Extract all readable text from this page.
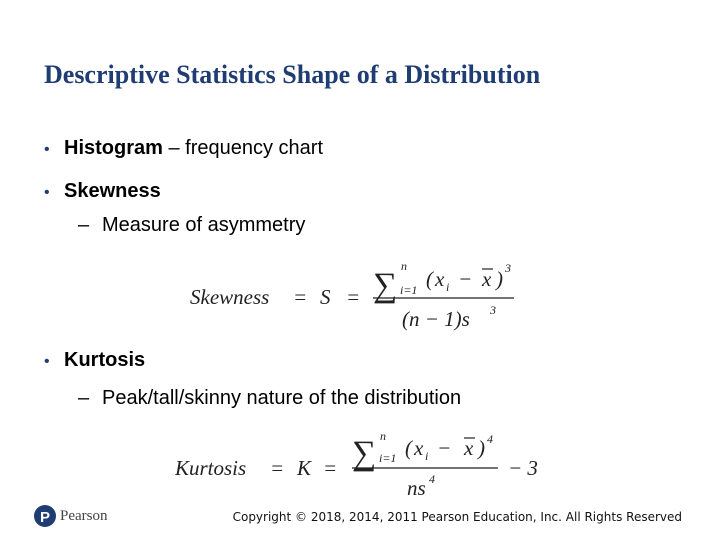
Descriptive Statistics Shape of a Distribution
• Histogram – frequency chart
• Skewness
– Measure of asymmetry
Skewness = S = ∑
n
i=1 ( x i − x ) 3
(n − 1)s 3
• Kurtosis
– Peak/tall/skinny nature of the distribution
Kurtosis = K = ∑ n
i=1 ( x i − x ) 4
ns 4	− 3
P Pearson	Copyright © 2018, 2014, 2011 Pearson Education, Inc. All Rights Reserved
